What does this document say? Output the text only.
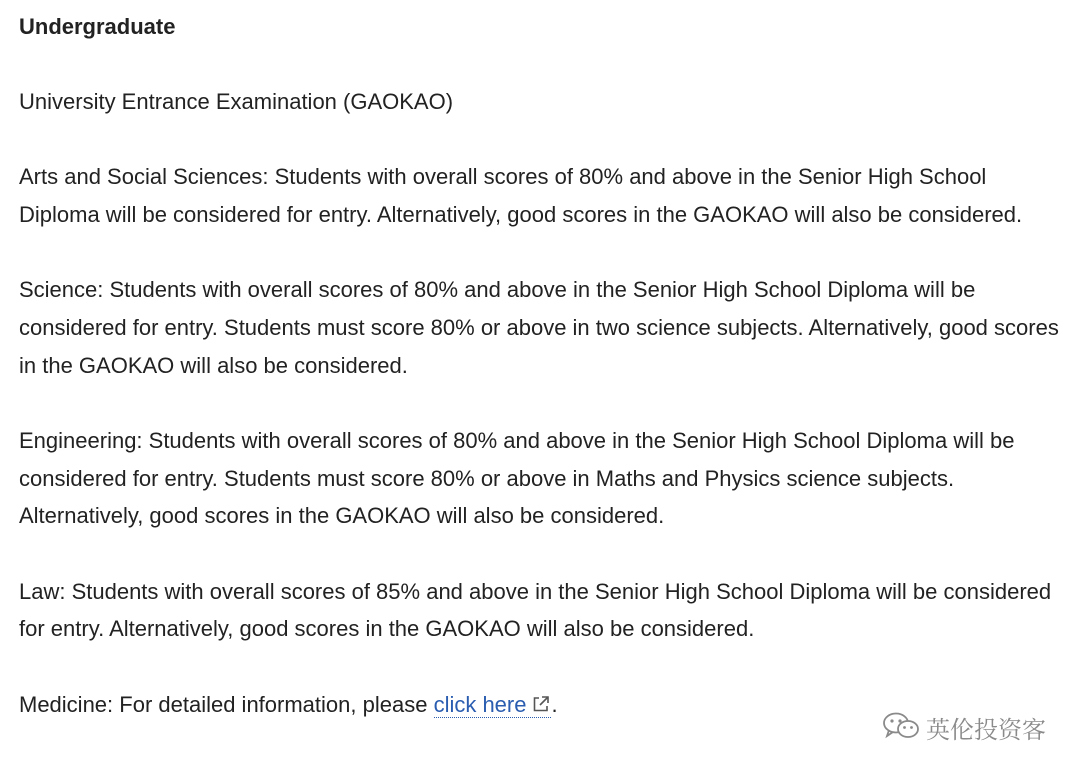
Undergraduate

University Entrance Examination (GAOKAO)

Arts and Social Sciences: Students with overall scores of 80% and above in the Senior High School Diploma will be considered for entry. Alternatively, good scores in the GAOKAO will also be considered.

Science: Students with overall scores of 80% and above in the Senior High School Diploma will be considered for entry. Students must score 80% or above in two science subjects. Alternatively, good scores in the GAOKAO will also be considered.

Engineering: Students with overall scores of 80% and above in the Senior High School Diploma will be considered for entry. Students must score 80% or above in Maths and Physics science subjects. Alternatively, good scores in the GAOKAO will also be considered.

Law: Students with overall scores of 85% and above in the Senior High School Diploma will be considered for entry. Alternatively, good scores in the GAOKAO will also be considered.

Medicine: For detailed information, please click here .

英伦投资客
